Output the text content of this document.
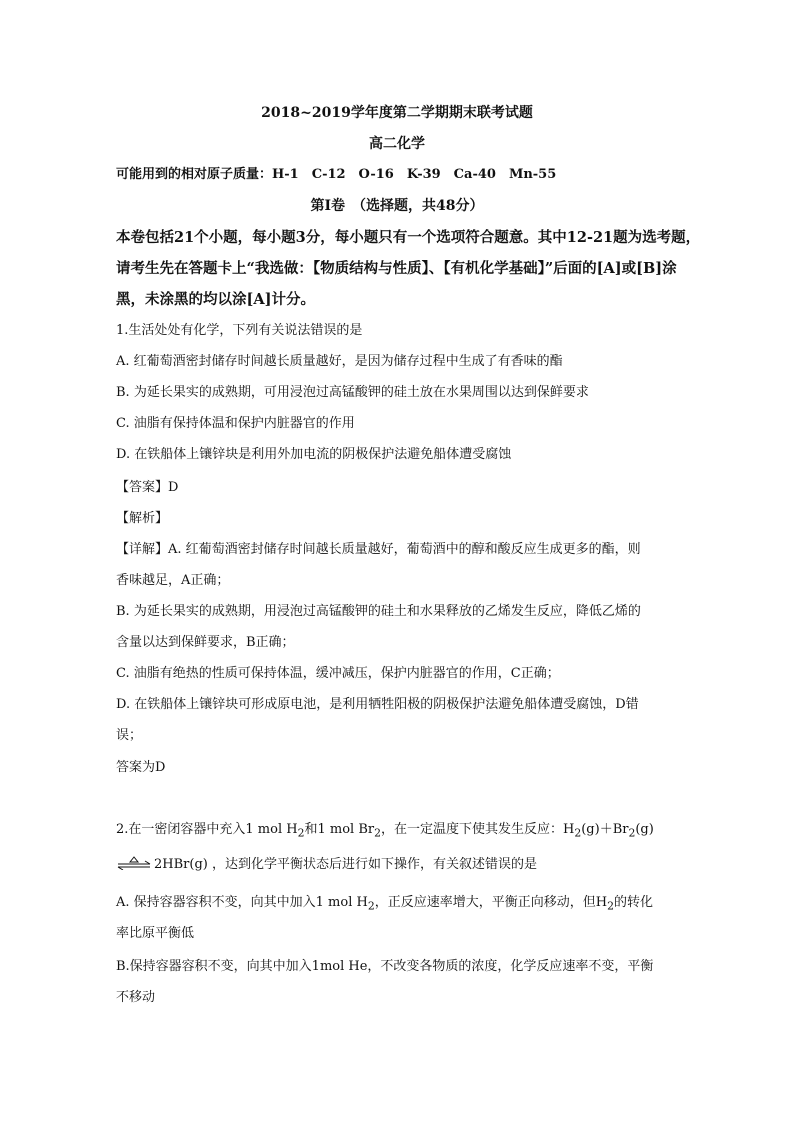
2018~2019学年度第二学期期末联考试题
高二化学
可能用到的相对原子质量：H-1　C-12　O-16　K-39　Ca-40　Mn-55
第Ⅰ卷　（选择题，共48分）
本卷包括21个小题，每小题3分，每小题只有一个选项符合题意。其中12-21题为选考题，
请考生先在答题卡上“我选做：【物质结构与性质】、【有机化学基础】”后面的[A]或[B]涂
黑，未涂黑的均以涂[A]计分。
1.生活处处有化学，下列有关说法错误的是
A. 红葡萄酒密封储存时间越长质量越好，是因为储存过程中生成了有香味的酯
B. 为延长果实的成熟期，可用浸泡过高锰酸钾的硅土放在水果周围以达到保鲜要求
C. 油脂有保持体温和保护内脏器官的作用
D. 在铁船体上镶锌块是利用外加电流的阴极保护法避免船体遭受腐蚀
【答案】D
【解析】
【详解】A. 红葡萄酒密封储存时间越长质量越好，葡萄酒中的醇和酸反应生成更多的酯，则
香味越足，A正确；
B. 为延长果实的成熟期，用浸泡过高锰酸钾的硅土和水果释放的乙烯发生反应，降低乙烯的
含量以达到保鲜要求，B正确；
C. 油脂有绝热的性质可保持体温，缓冲减压，保护内脏器官的作用，C正确；
D. 在铁船体上镶锌块可形成原电池，是利用牺牲阳极的阴极保护法避免船体遭受腐蚀，D错
误；
答案为D
2.在一密闭容器中充入1 mol $H_2$和1 mol $Br_2$，在一定温度下使其发生反应：$H_2(g)+Br_2(g)$
⇌ 2HBr(g) ，达到化学平衡状态后进行如下操作，有关叙述错误的是
A. 保持容器容积不变，向其中加入1 mol $H_2$，正反应速率增大，平衡正向移动，但$H_2$的转化
率比原平衡低
B.保持容器容积不变，向其中加入1mol He，不改变各物质的浓度，化学反应速率不变，平衡
不移动
